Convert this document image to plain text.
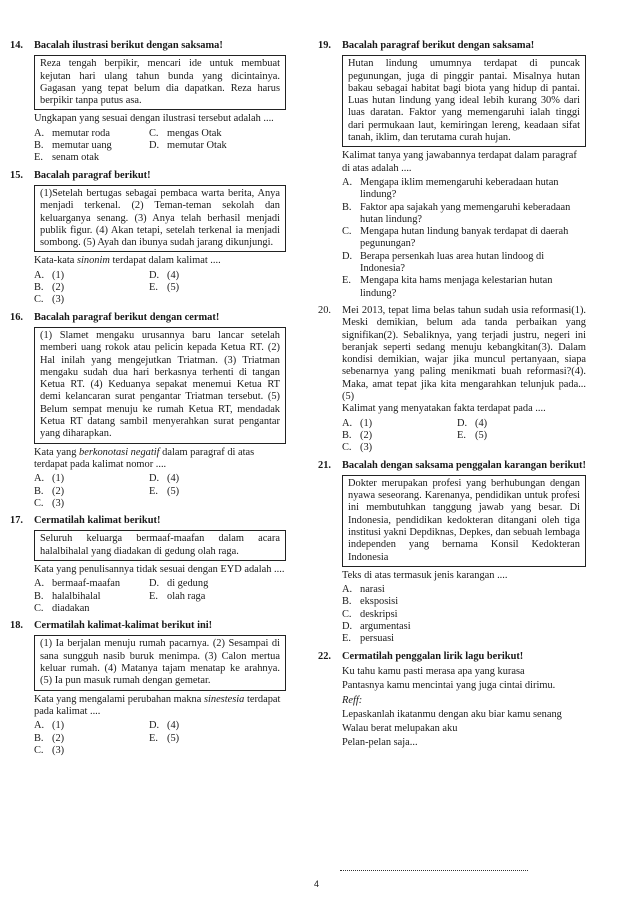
14. Bacalah ilustrasi berikut dengan saksama!
Reza tengah berpikir, mencari ide untuk membuat kejutan hari ulang tahun bunda yang dicintainya. Gagasan yang tepat belum dia dapatkan. Reza harus berpikir tanpa putus asa.
Ungkapan yang sesuai dengan ilustrasi tersebut adalah ....
A. memutar roda	C. mengas Otak
B. memutar uang	D. memutar Otak
E. senam otak
15. Bacalah paragraf berikut!
(1)Setelah bertugas sebagai pembaca warta berita, Anya menjadi terkenal. (2) Teman-teman sekolah dan keluarganya senang. (3) Anya telah berhasil menjadi publik figur. (4) Akan tetapi, setelah terkenal ia menjadi sombong. (5) Ayah dan ibunya sudah jarang dikunjungi.
Kata-kata sinonim terdapat dalam kalimat ....
A. (1)	D. (4)
B. (2)	E. (5)
C. (3)
16. Bacalah paragraf berikut dengan cermat!
(1) Slamet mengaku urusannya baru lancar setelah memberi uang rokok atau pelicin kepada Ketua RT. (2) Hal inilah yang mengejutkan Triatman. (3) Triatman mengaku sudah dua hari berkasnya terhenti di tangan Ketua RT. (4) Keduanya sepakat menemui Ketua RT demi kelancaran surat pengantar Triatman tersebut. (5) Belum sempat menuju ke rumah Ketua RT, mendadak Ketua RT datang sambil menyerahkan surat pengantar yang diharapkan.
Kata yang berkonotasi negatif dalam paragraf di atas terdapat pada kalimat nomor ....
A. (1)	D. (4)
B. (2)	E. (5)
C. (3)
17. Cermatilah kalimat berikut!
Seluruh keluarga bermaaf-maafan dalam acara halalbihalal yang diadakan di gedung olah raga.
Kata yang penulisannya tidak sesuai dengan EYD adalah ....
A. bermaaf-maafan	D. di gedung
B. halalbihalal	E. olah raga
C. diadakan
18. Cermatilah kalimat-kalimat berikut ini!
(1) Ia berjalan menuju rumah pacarnya. (2) Sesampai di sana sungguh nasib buruk menimpa. (3) Calon mertua keluar rumah. (4) Matanya tajam menatap ke arahnya. (5) Ia pun masuk rumah dengan gemetar.
Kata yang mengalami perubahan makna sinestesia terdapat pada kalimat ....
A. (1)	D. (4)
B. (2)	E. (5)
C. (3)
19. Bacalah paragraf berikut dengan saksama!
Hutan lindung umumnya terdapat di puncak pegunungan, juga di pinggir pantai. Misalnya hutan bakau sebagai habitat bagi biota yang hidup di pantai. Luas hutan lindung yang ideal lebih kurang 30% dari luas daratan. Faktor yang memengaruhi ialah tinggi dari permukaan laut, kemiringan lereng, keadaan sifat tanah, iklim, dan terutama curah hujan.
Kalimat tanya yang jawabannya terdapat dalam paragraf di atas adalah ....
A. Mengapa iklim memengaruhi keberadaan hutan lindung?
B. Faktor apa sajakah yang memengaruhi keberadaan hutan lindung?
C. Mengapa hutan lindung banyak terdapat di daerah pegunungan?
D. Berapa persenkah luas area hutan lindoog di Indonesia?
E. Mengapa kita hams menjaga kelestarian hutan lindung?
20.	Mei 2013, tepat lima belas tahun sudah usia reformasi(1). Meski demikian, belum ada tanda perbaikan yang signifikan(2). Sebaliknya, yang terjadi justru, negeri ini beranjak seperti sedang menuju kebangkitan(3). Dalam kondisi demikian, wajar jika muncul pertanyaan, siapa sebenarnya yang paling menikmati buah reformasi?(4). Maka, amat tepat jika kita mengarahkan telunjuk pada... (5)
Kalimat yang menyatakan fakta terdapat pada ....
A. (1)	D. (4)
B. (2)	E. (5)
C. (3)
21.	Bacalah dengan saksama penggalan karangan berikut!
Dokter merupakan profesi yang berhubungan dengan nyawa seseorang. Karenanya, pendidikan untuk profesi ini membutuhkan tanggung jawab yang besar. Di Indonesia, pendidikan kedokteran ditangani oleh tiga institusi yakni Depdiknas, Depkes, dan sebuah lembaga independen yang bernama Konsil Kedokteran Indonesia
Teks di atas termasuk jenis karangan ....
A. narasi
B. eksposisi
C. deskripsi
D. argumentasi
E. persuasi
22. Cermatilah penggalan lirik lagu berikut!
Ku tahu kamu pasti merasa apa yang kurasa
Pantasnya kamu mencintai yang juga cintai dirimu.
Reff:
Lepaskanlah ikatanmu dengan aku biar kamu senang
Walau berat melupakan aku
Pelan-pelan saja...
4
